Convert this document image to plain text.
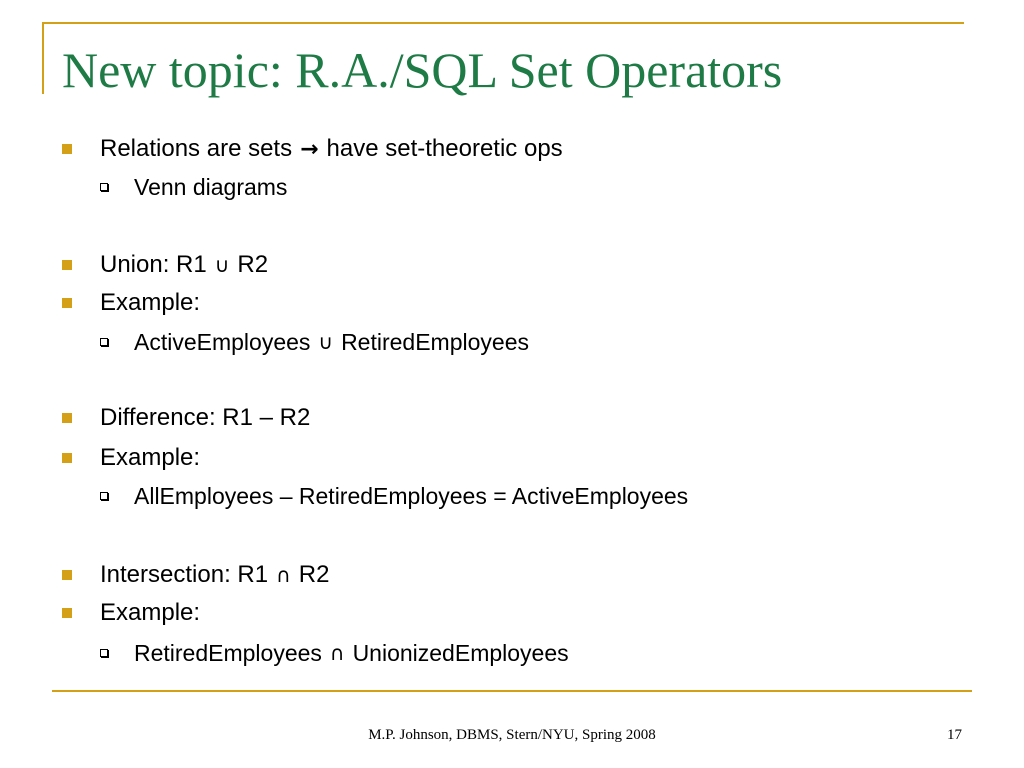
New topic: R.A./SQL Set Operators
Relations are sets → have set-theoretic ops
Venn diagrams
Union: R1 ∪ R2
Example:
ActiveEmployees ∪ RetiredEmployees
Difference: R1 – R2
Example:
AllEmployees – RetiredEmployees = ActiveEmployees
Intersection: R1 ∩ R2
Example:
RetiredEmployees ∩ UnionizedEmployees
M.P. Johnson, DBMS, Stern/NYU, Spring 2008	17
